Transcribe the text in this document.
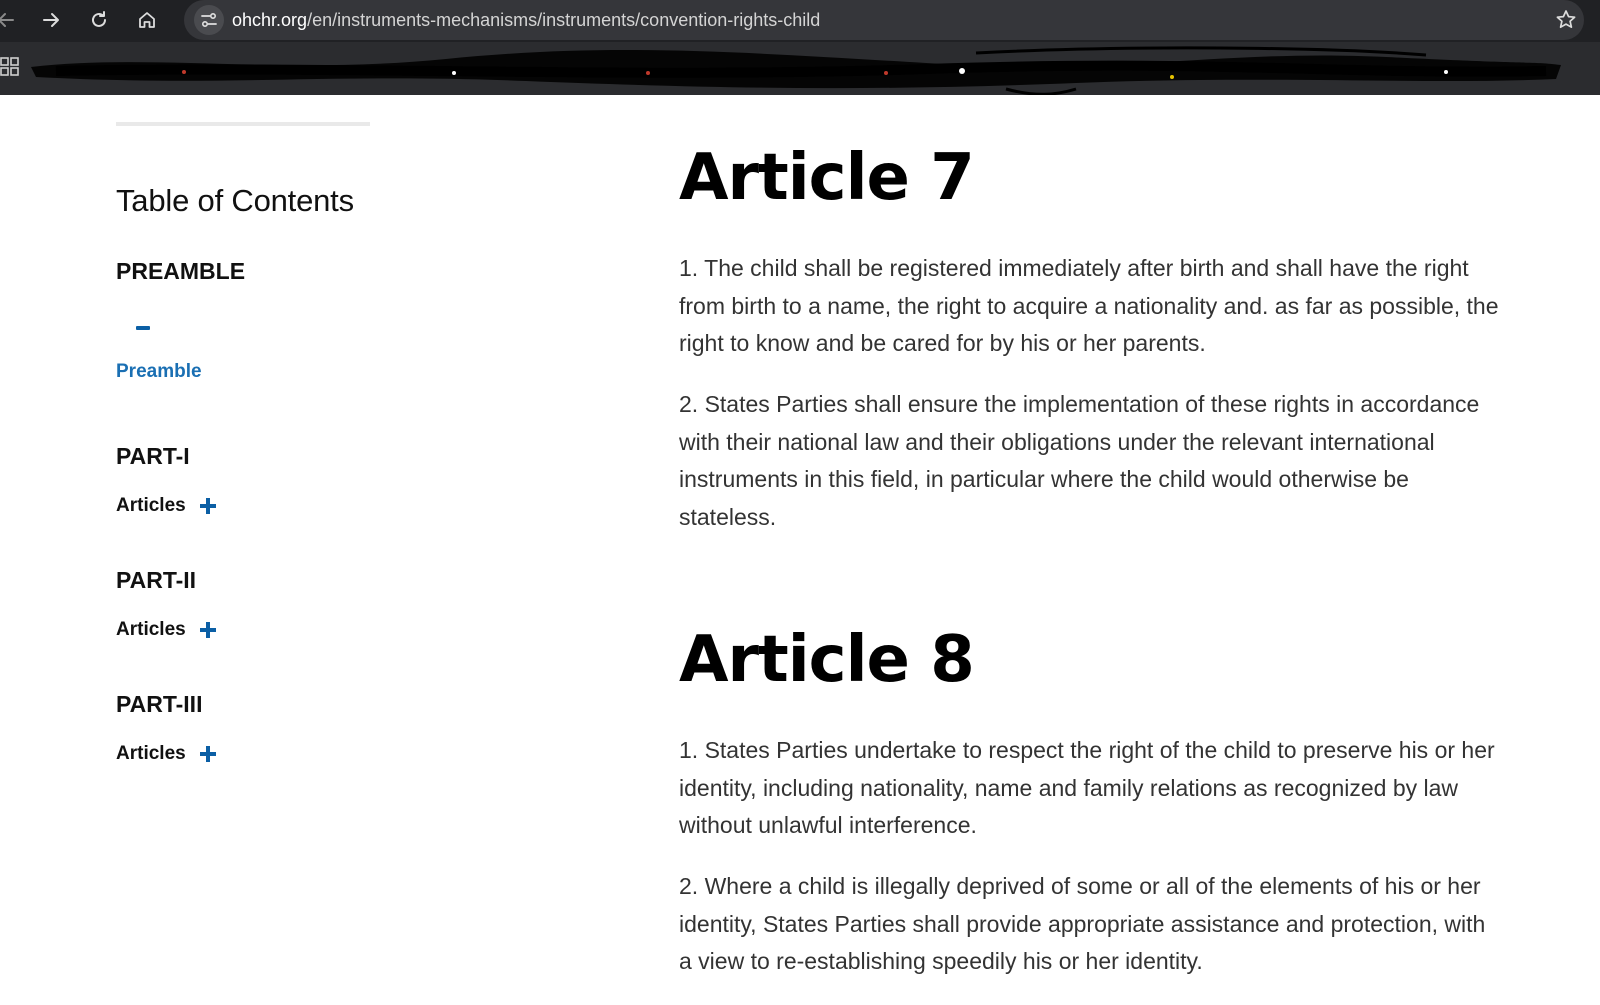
ohchr.org/en/instruments-mechanisms/instruments/convention-rights-child
Table of Contents
PREAMBLE
Preamble
PART-I
Articles
PART-II
Articles
PART-III
Articles
Article 7

1. The child shall be registered immediately after birth and shall have the right from birth to a name, the right to acquire a nationality and. as far as possible, the right to know and be cared for by his or her parents.

2. States Parties shall ensure the implementation of these rights in accordance with their national law and their obligations under the relevant international instruments in this field, in particular where the child would otherwise be stateless.

Article 8

1. States Parties undertake to respect the right of the child to preserve his or her identity, including nationality, name and family relations as recognized by law without unlawful interference.

2. Where a child is illegally deprived of some or all of the elements of his or her identity, States Parties shall provide appropriate assistance and protection, with a view to re-establishing speedily his or her identity.
